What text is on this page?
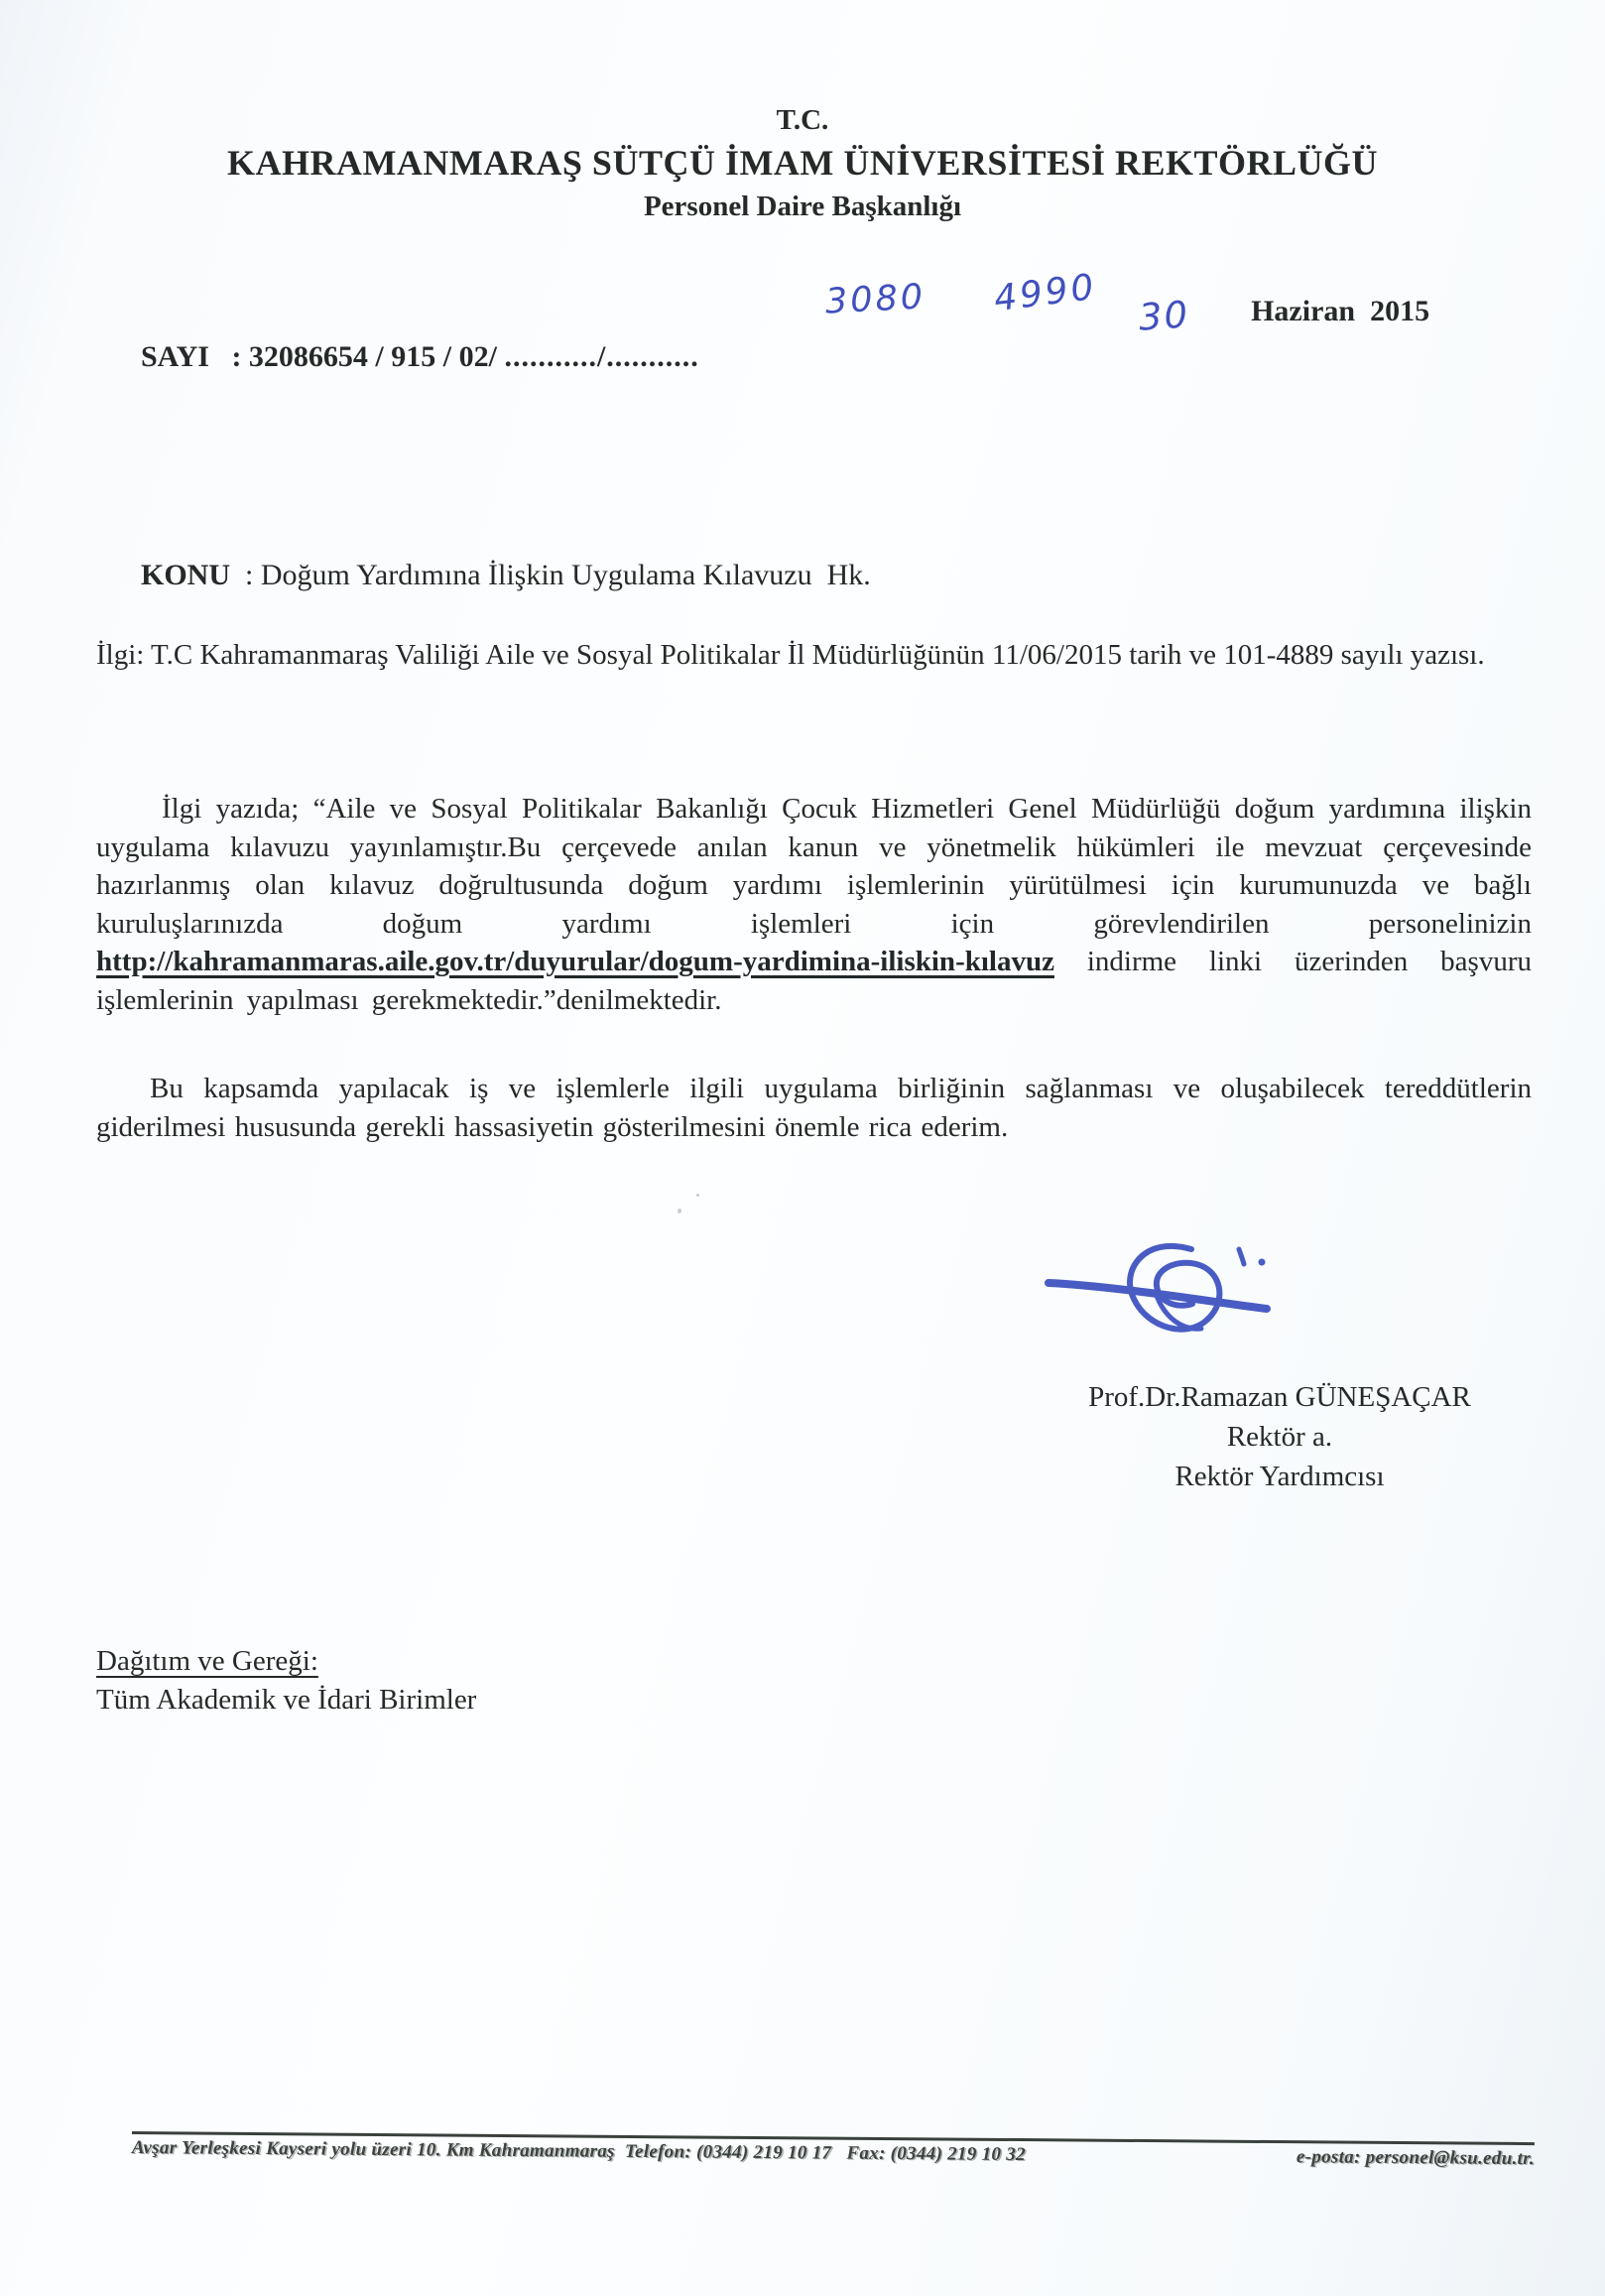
T.C.
KAHRAMANMARAŞ SÜTÇÜ İMAM ÜNİVERSİTESİ REKTÖRLÜĞÜ
Personel Daire Başkanlığı

SAYI   : 32086654 / 915 / 02/ .........../...........

3080

4990

KONU  : Doğum Yardımına İlişkin Uygulama Kılavuzu  Hk.

30 Haziran  2015
İlgi: T.C Kahramanmaraş Valiliği Aile ve Sosyal Politikalar İl Müdürlüğünün 11/06/2015 tarih ve 101-4889 sayılı yazısı.
İlgi yazıda; “Aile ve Sosyal Politikalar Bakanlığı Çocuk Hizmetleri Genel Müdürlüğü doğum yardımına ilişkin uygulama kılavuzu yayınlamıştır.Bu çerçevede anılan kanun ve yönetmelik hükümleri ile mevzuat çerçevesinde hazırlanmış olan kılavuz doğrultusunda doğum yardımı işlemlerinin yürütülmesi için kurumunuzda ve bağlı kuruluşlarınızda doğum yardımı işlemleri için görevlendirilen personelinizin http://kahramanmaras.aile.gov.tr/duyurular/dogum-yardimina-iliskin-kılavuz indirme linki üzerinden başvuru işlemlerinin yapılması gerekmektedir.”denilmektedir.
Bu kapsamda yapılacak iş ve işlemlerle ilgili uygulama birliğinin sağlanması ve oluşabilecek tereddütlerin giderilmesi hususunda gerekli hassasiyetin gösterilmesini önemle rica ederim.
Prof.Dr.Ramazan GÜNEŞAÇAR
Rektör a.
Rektör Yardımcısı
Dağıtım ve Gereği:
Tüm Akademik ve İdari Birimler
Avşar Yerleşkesi Kayseri yolu üzeri 10. Km Kahramanmaraş  Telefon: (0344) 219 10 17   Fax: (0344) 219 10 32	e-posta: personel@ksu.edu.tr.
